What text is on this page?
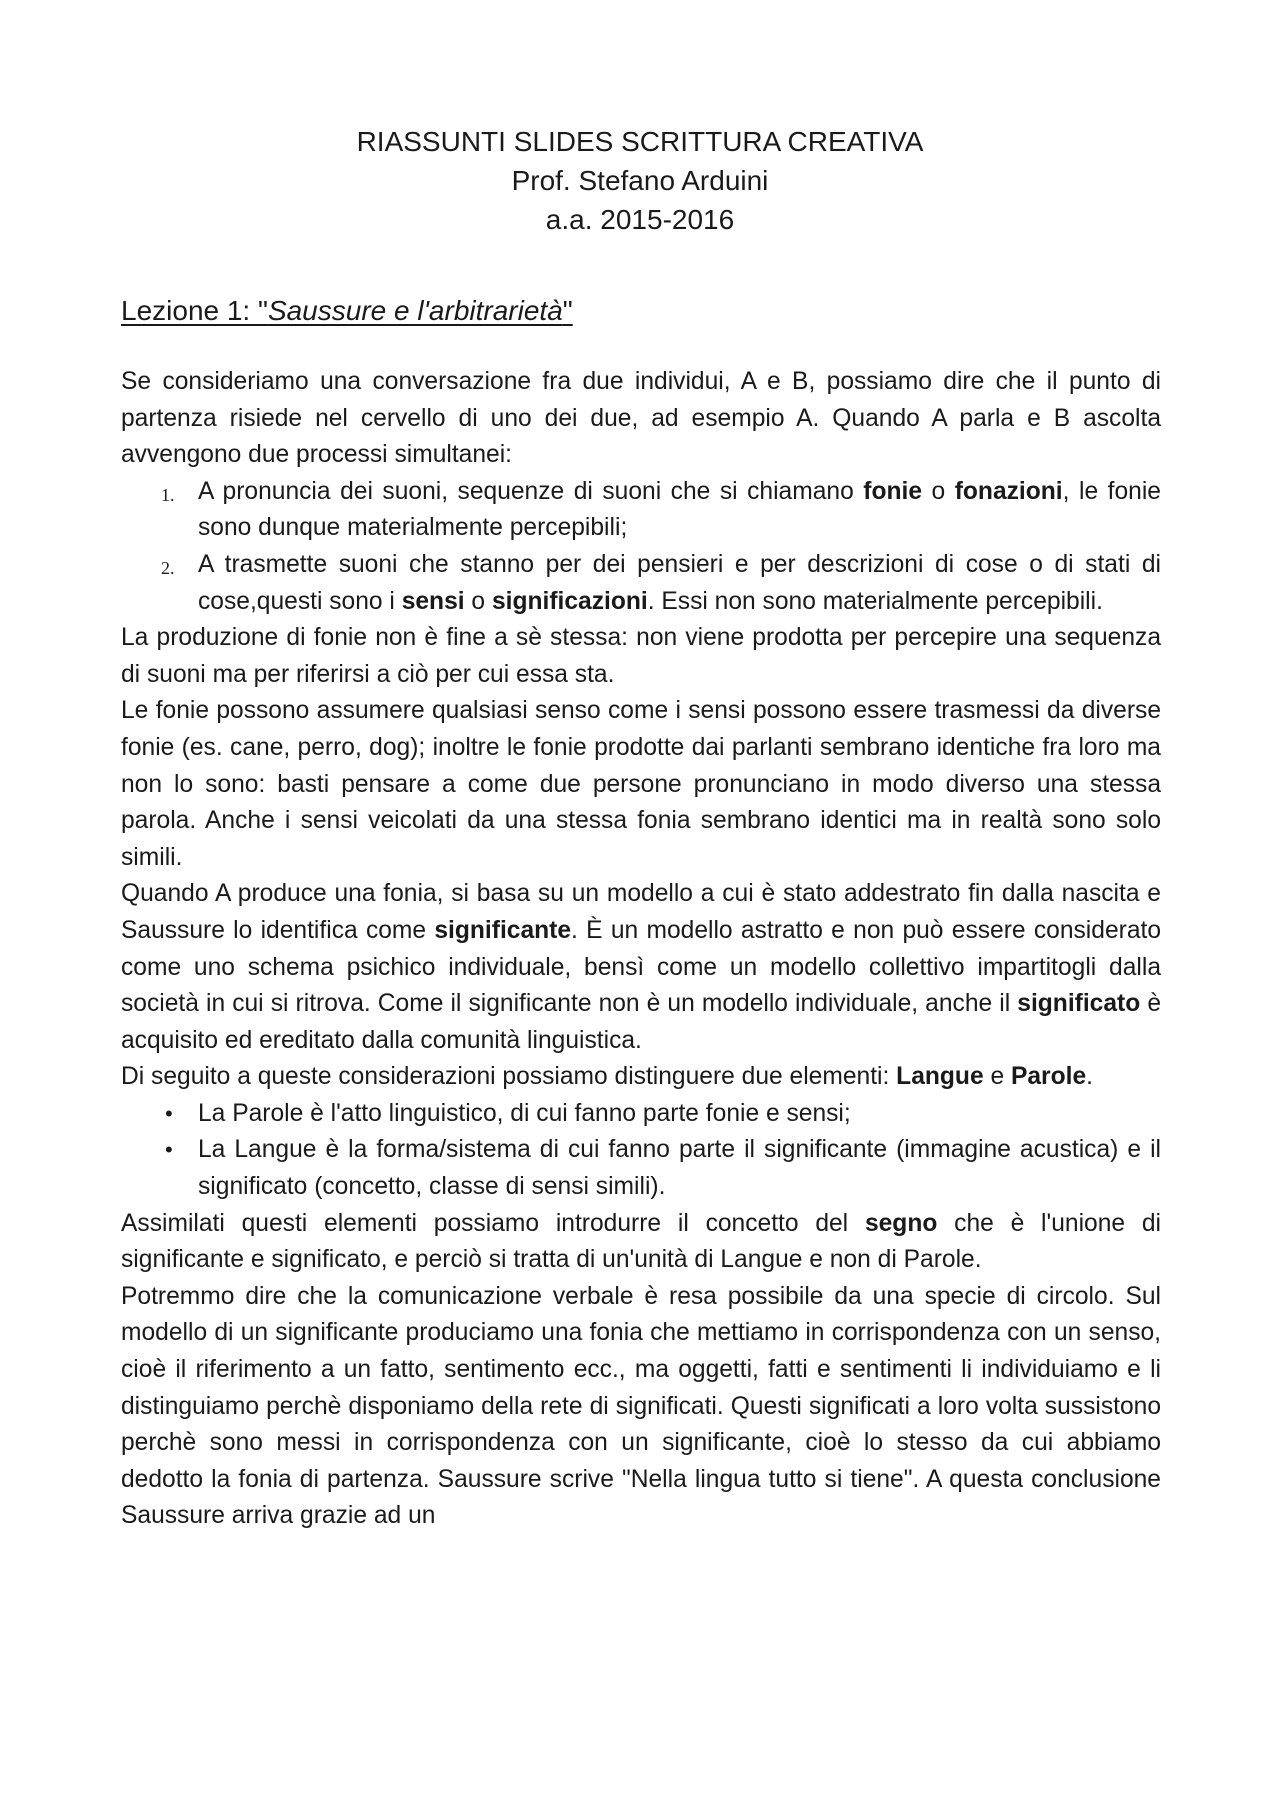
RIASSUNTI SLIDES SCRITTURA CREATIVA
Prof. Stefano Arduini
a.a. 2015-2016
Lezione 1: "Saussure e l'arbitrarietà"

Se consideriamo una conversazione fra due individui, A e B, possiamo dire che il punto di partenza risiede nel cervello di uno dei due, ad esempio A. Quando A parla e B ascolta avvengono due processi simultanei:

1. A pronuncia dei suoni, sequenze di suoni che si chiamano fonie o fonazioni, le fonie sono dunque materialmente percepibili;
2. A trasmette suoni che stanno per dei pensieri e per descrizioni di cose o di stati di cose,questi sono i sensi o significazioni. Essi non sono materialmente percepibili.

La produzione di fonie non è fine a sè stessa: non viene prodotta per percepire una sequenza di suoni ma per riferirsi a ciò per cui essa sta.

Le fonie possono assumere qualsiasi senso come i sensi possono essere trasmessi da diverse fonie (es. cane, perro, dog); inoltre le fonie prodotte dai parlanti sembrano identiche fra loro ma non lo sono: basti pensare a come due persone pronunciano in modo diverso una stessa parola. Anche i sensi veicolati da una stessa fonia sembrano identici ma in realtà sono solo simili.

Quando A produce una fonia, si basa su un modello a cui è stato addestrato fin dalla nascita e Saussure lo identifica come significante. È un modello astratto e non può essere considerato come uno schema psichico individuale, bensì come un modello collettivo impartitogli dalla società in cui si ritrova. Come il significante non è un modello individuale, anche il significato è acquisito ed ereditato dalla comunità linguistica.

Di seguito a queste considerazioni possiamo distinguere due elementi: Langue e Parole.

• La Parole è l'atto linguistico, di cui fanno parte fonie e sensi;
• La Langue è la forma/sistema di cui fanno parte il significante (immagine acustica) e il significato (concetto, classe di sensi simili).

Assimilati questi elementi possiamo introdurre il concetto del segno che è l'unione di significante e significato, e perciò si tratta di un'unità di Langue e non di Parole.

Potremmo dire che la comunicazione verbale è resa possibile da una specie di circolo. Sul modello di un significante produciamo una fonia che mettiamo in corrispondenza con un senso, cioè il riferimento a un fatto, sentimento ecc., ma oggetti, fatti e sentimenti li individuiamo e li distinguiamo perchè disponiamo della rete di significati. Questi significati a loro volta sussistono perchè sono messi in corrispondenza con un significante, cioè lo stesso da cui abbiamo dedotto la fonia di partenza. Saussure scrive "Nella lingua tutto si tiene". A questa conclusione Saussure arriva grazie ad un
